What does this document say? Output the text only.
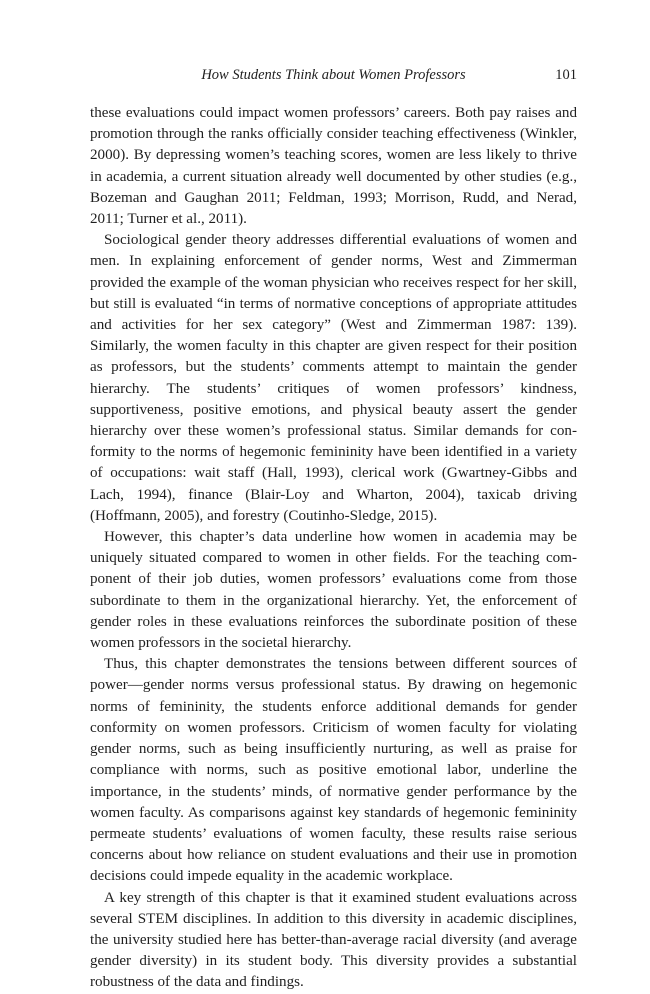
How Students Think about Women Professors	101

these evaluations could impact women professors’ careers. Both pay raises and promotion through the ranks officially consider teaching effectiveness (Winkler, 2000). By depressing women’s teaching scores, women are less likely to thrive in academia, a current situation already well documented by other studies (e.g., Bozeman and Gaughan 2011; Feldman, 1993; Morrison, Rudd, and Nerad, 2011; Turner et al., 2011).

Sociological gender theory addresses differential evaluations of women and men. In explaining enforcement of gender norms, West and Zimmerman provided the example of the woman physician who receives respect for her skill, but still is evaluated “in terms of normative conceptions of appropriate attitudes and activities for her sex category” (West and Zimmerman 1987: 139). Similarly, the women faculty in this chapter are given respect for their position as professors, but the students’ comments attempt to maintain the gender hierarchy. The students’ critiques of women professors’ kindness, supportiveness, positive emotions, and physical beauty assert the gender hierarchy over these women’s professional status. Similar demands for conformity to the norms of hegemonic femininity have been identified in a variety of occupations: wait staff (Hall, 1993), clerical work (Gwartney-Gibbs and Lach, 1994), finance (Blair-Loy and Wharton, 2004), taxicab driving (Hoffmann, 2005), and forestry (Coutinho-Sledge, 2015).

However, this chapter’s data underline how women in academia may be uniquely situated compared to women in other fields. For the teaching component of their job duties, women professors’ evaluations come from those subordinate to them in the organizational hierarchy. Yet, the enforcement of gender roles in these evaluations reinforces the subordinate position of these women professors in the societal hierarchy.

Thus, this chapter demonstrates the tensions between different sources of power—gender norms versus professional status. By drawing on hegemonic norms of femininity, the students enforce additional demands for gender conformity on women professors. Criticism of women faculty for violating gender norms, such as being insufficiently nurturing, as well as praise for compliance with norms, such as positive emotional labor, underline the importance, in the students’ minds, of normative gender performance by the women faculty. As comparisons against key standards of hegemonic femininity permeate students’ evaluations of women faculty, these results raise serious concerns about how reliance on student evaluations and their use in promotion decisions could impede equality in the academic workplace.

A key strength of this chapter is that it examined student evaluations across several STEM disciplines. In addition to this diversity in academic disciplines, the university studied here has better-than-average racial diversity (and average gender diversity) in its student body. This diversity provides a substantial robustness of the data and findings.
